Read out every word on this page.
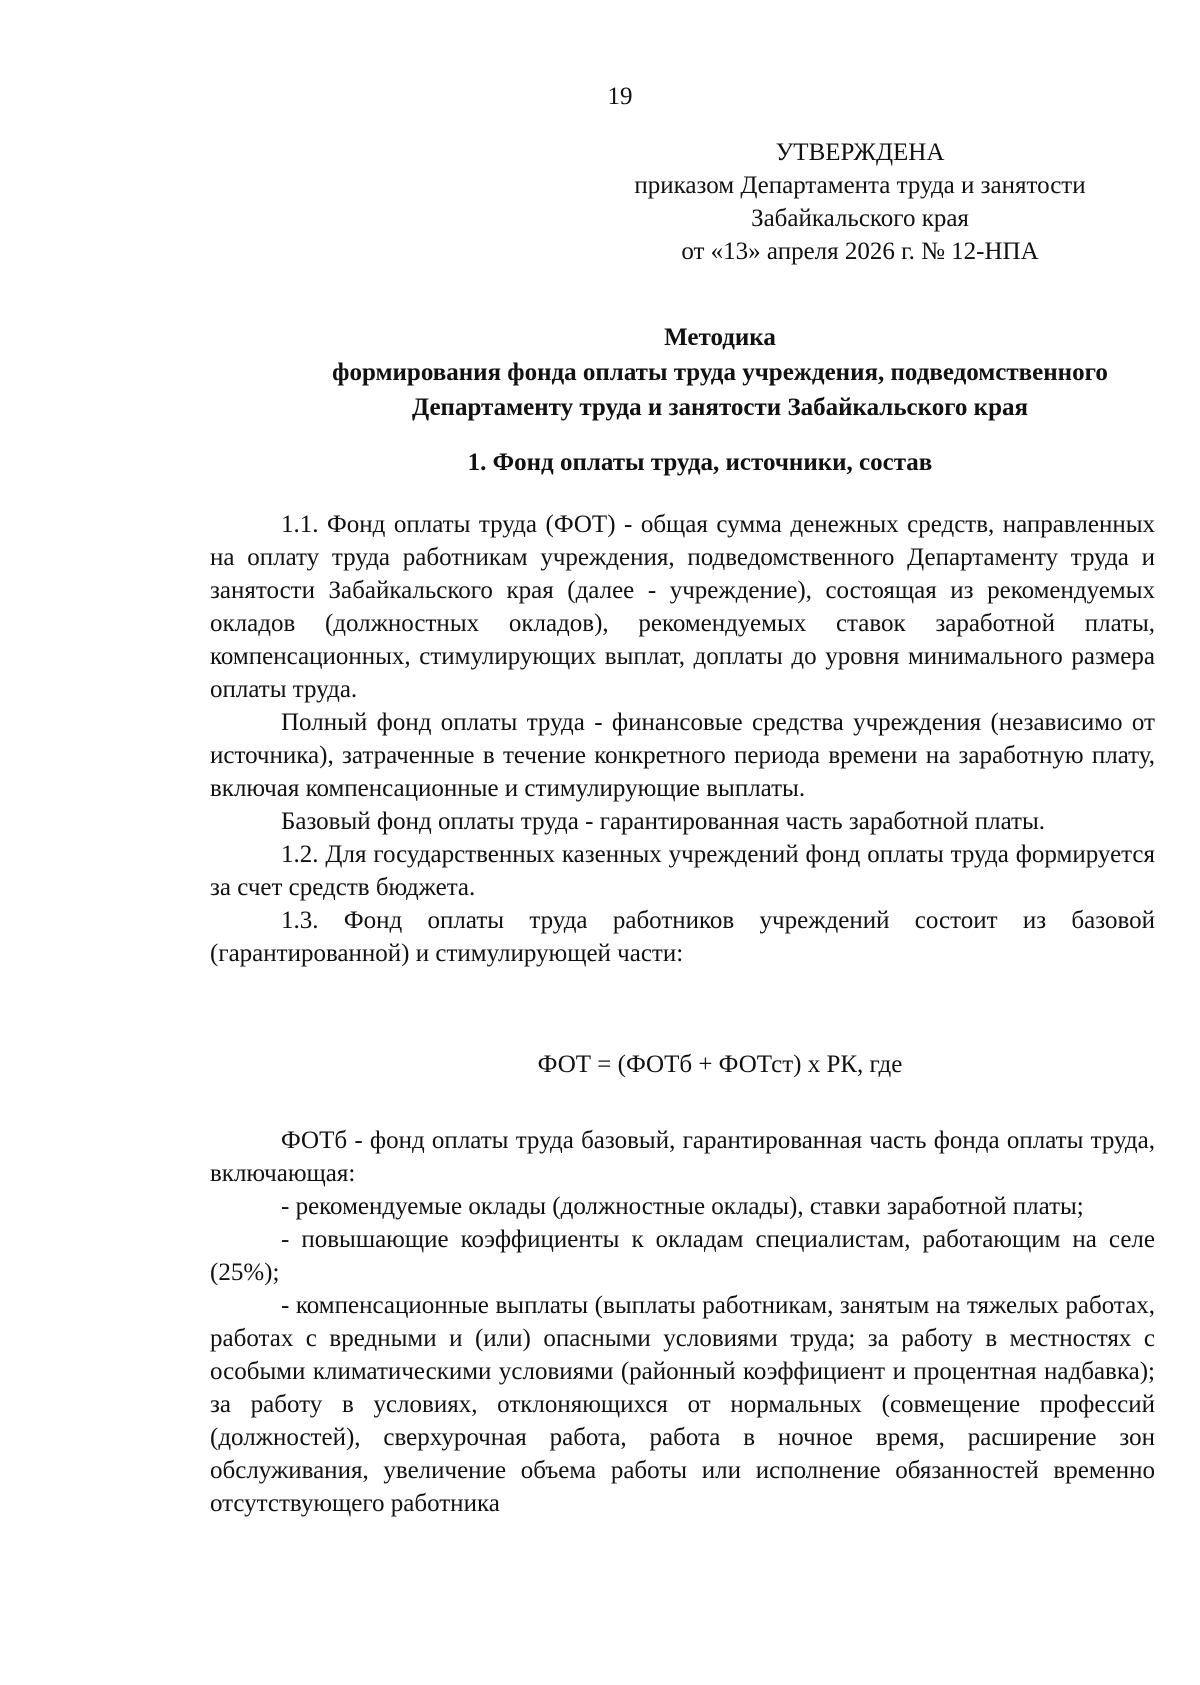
19
УТВЕРЖДЕНА
приказом Департамента труда и занятости
Забайкальского края
от «13» апреля 2026 г. № 12-НПА
Методика
формирования фонда оплаты труда учреждения, подведомственного
Департаменту труда и занятости Забайкальского края
1. Фонд оплаты труда, источники, состав

1.1. Фонд оплаты труда (ФОТ) - общая сумма денежных средств, направленных на оплату труда работникам учреждения, подведомственного Департаменту труда и занятости Забайкальского края (далее - учреждение), состоящая из рекомендуемых окладов (должностных окладов), рекомендуемых ставок заработной платы, компенсационных, стимулирующих выплат, доплаты до уровня минимального размера оплаты труда.

Полный фонд оплаты труда - финансовые средства учреждения (независимо от источника), затраченные в течение конкретного периода времени на заработную плату, включая компенсационные и стимулирующие выплаты.

Базовый фонд оплаты труда - гарантированная часть заработной платы.

1.2. Для государственных казенных учреждений фонд оплаты труда формируется за счет средств бюджета.

1.3. Фонд оплаты труда работников учреждений состоит из базовой (гарантированной) и стимулирующей части:

ФОТ = (ФОТб + ФОТст) х РК, где

ФОТб - фонд оплаты труда базовый, гарантированная часть фонда оплаты труда, включающая:

- рекомендуемые оклады (должностные оклады), ставки заработной платы;

- повышающие коэффициенты к окладам специалистам, работающим на селе (25%);

- компенсационные выплаты (выплаты работникам, занятым на тяжелых работах, работах с вредными и (или) опасными условиями труда; за работу в местностях с особыми климатическими условиями (районный коэффициент и процентная надбавка); за работу в условиях, отклоняющихся от нормальных (совмещение профессий (должностей), сверхурочная работа, работа в ночное время, расширение зон обслуживания, увеличение объема работы или исполнение обязанностей временно отсутствующего работника
